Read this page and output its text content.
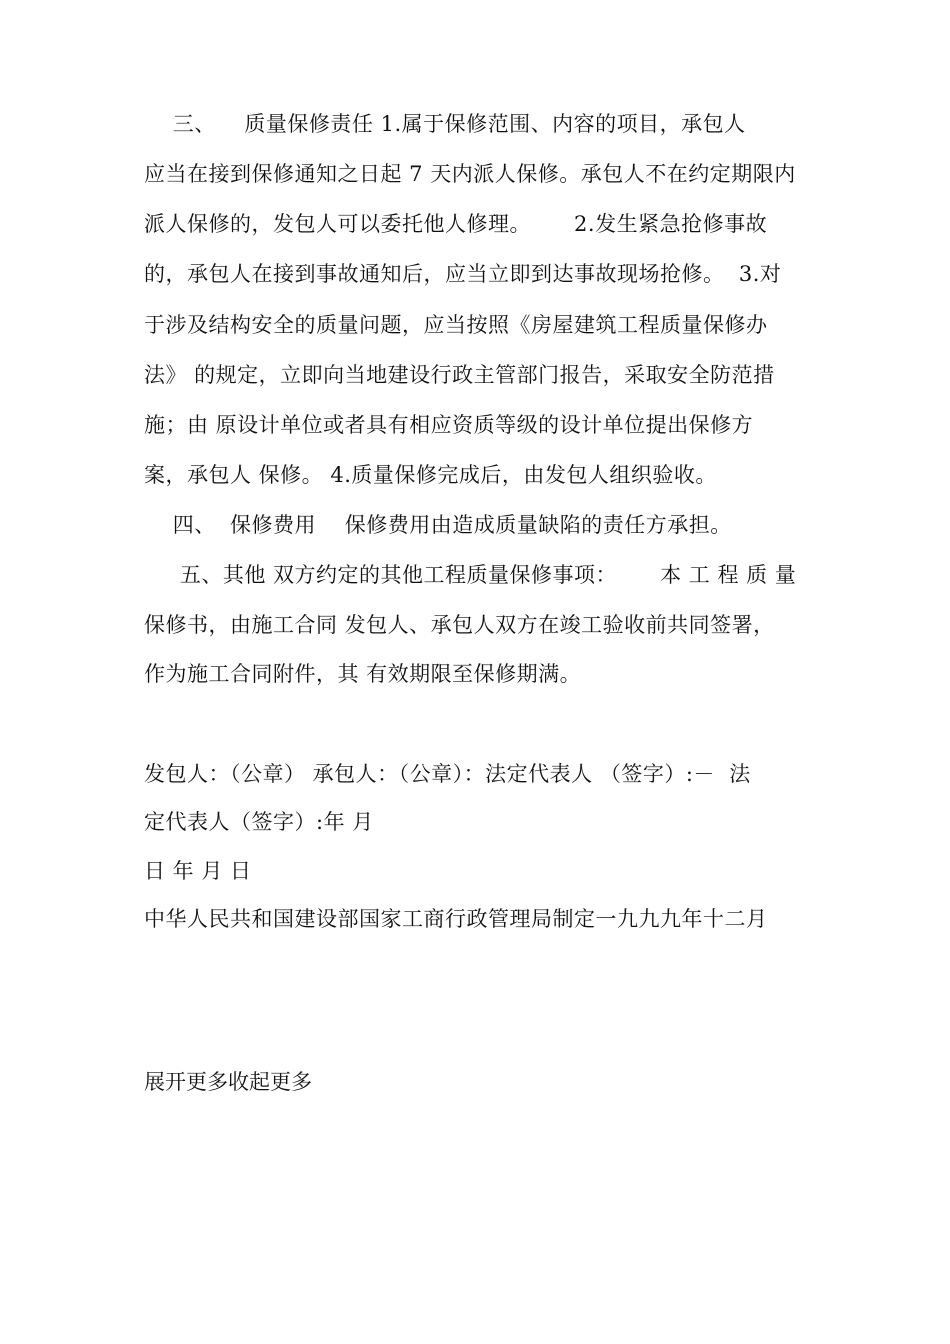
三、    质量保修责任 1.属于保修范围、内容的项目，承包人
应当在接到保修通知之日起 7 天内派人保修。承包人不在约定期限内
派人保修的，发包人可以委托他人修理。      2.发生紧急抢修事故
的，承包人在接到事故通知后，应当立即到达事故现场抢修。  3.对
于涉及结构安全的质量问题，应当按照《房屋建筑工程质量保修办
法》 的规定，立即向当地建设行政主管部门报告，采取安全防范措
施；由 原设计单位或者具有相应资质等级的设计单位提出保修方
案，承包人 保修。 4.质量保修完成后，由发包人组织验收。
四、  保修费用    保修费用由造成质量缺陷的责任方承担。
五、其他 双方约定的其他工程质量保修事项：      本 工 程 质 量
保修书，由施工合同 发包人、承包人双方在竣工验收前共同签署，
作为施工合同附件，其 有效期限至保修期满。
发包人：（公章） 承包人：（公章）：法定代表人 （签字）:－  法
定代表人（签字）:年 月
日 年 月 日
中华人民共和国建设部国家工商行政管理局制定一九九九年十二月
展开更多收起更多
